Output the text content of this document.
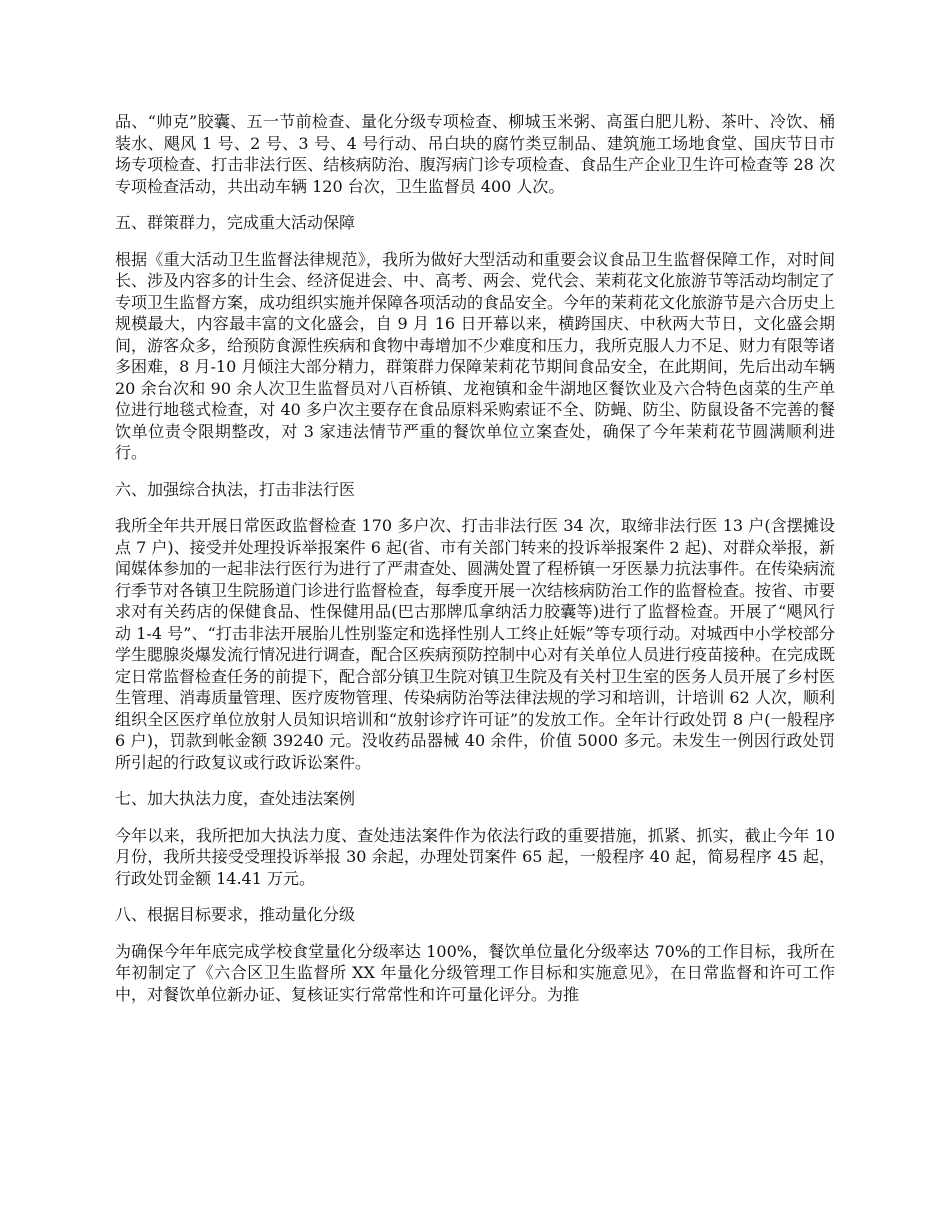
品、“帅克”胶囊、五一节前检查、量化分级专项检查、柳城玉米粥、高蛋白肥儿粉、茶叶、冷饮、桶装水、飓风 1 号、2 号、3 号、4 号行动、吊白块的腐竹类豆制品、建筑施工场地食堂、国庆节日市场专项检查、打击非法行医、结核病防治、腹泻病门诊专项检查、食品生产企业卫生许可检查等 28 次专项检查活动，共出动车辆 120 台次，卫生监督员 400 人次。

五、群策群力，完成重大活动保障

根据《重大活动卫生监督法律规范》，我所为做好大型活动和重要会议食品卫生监督保障工作，对时间长、涉及内容多的计生会、经济促进会、中、高考、两会、党代会、茉莉花文化旅游节等活动均制定了专项卫生监督方案，成功组织实施并保障各项活动的食品安全。今年的茉莉花文化旅游节是六合历史上规模最大，内容最丰富的文化盛会，自 9 月 16 日开幕以来，横跨国庆、中秋两大节日，文化盛会期间，游客众多，给预防食源性疾病和食物中毒增加不少难度和压力，我所克服人力不足、财力有限等诸多困难，8 月-10 月倾注大部分精力，群策群力保障茉莉花节期间食品安全，在此期间，先后出动车辆 20 余台次和 90 余人次卫生监督员对八百桥镇、龙袍镇和金牛湖地区餐饮业及六合特色卤菜的生产单位进行地毯式检查，对 40 多户次主要存在食品原料采购索证不全、防蝇、防尘、防鼠设备不完善的餐饮单位责令限期整改，对 3 家违法情节严重的餐饮单位立案查处，确保了今年茉莉花节圆满顺利进行。

六、加强综合执法，打击非法行医

我所全年共开展日常医政监督检查 170 多户次、打击非法行医 34 次，取缔非法行医 13 户(含摆摊设点 7 户)、接受并处理投诉举报案件 6 起(省、市有关部门转来的投诉举报案件 2 起)、对群众举报，新闻媒体参加的一起非法行医行为进行了严肃查处、圆满处置了程桥镇一牙医暴力抗法事件。在传染病流行季节对各镇卫生院肠道门诊进行监督检查，每季度开展一次结核病防治工作的监督检查。按省、市要求对有关药店的保健食品、性保健用品(巴古那牌瓜拿纳活力胶囊等)进行了监督检查。开展了“飓风行动 1-4 号”、“打击非法开展胎儿性别鉴定和选择性别人工终止妊娠”等专项行动。对城西中小学校部分学生腮腺炎爆发流行情况进行调查，配合区疾病预防控制中心对有关单位人员进行疫苗接种。在完成既定日常监督检查任务的前提下，配合部分镇卫生院对镇卫生院及有关村卫生室的医务人员开展了乡村医生管理、消毒质量管理、医疗废物管理、传染病防治等法律法规的学习和培训，计培训 62 人次，顺利组织全区医疗单位放射人员知识培训和“放射诊疗许可证”的发放工作。全年计行政处罚 8 户(一般程序 6 户)，罚款到帐金额 39240 元。没收药品器械 40 余件，价值 5000 多元。未发生一例因行政处罚所引起的行政复议或行政诉讼案件。

七、加大执法力度，查处违法案例

今年以来，我所把加大执法力度、查处违法案件作为依法行政的重要措施，抓紧、抓实，截止今年 10 月份，我所共接受受理投诉举报 30 余起，办理处罚案件 65 起，一般程序 40 起，简易程序 45 起，行政处罚金额 14.41 万元。

八、根据目标要求，推动量化分级

为确保今年年底完成学校食堂量化分级率达 100%，餐饮单位量化分级率达 70%的工作目标，我所在年初制定了《六合区卫生监督所 XX 年量化分级管理工作目标和实施意见》，在日常监督和许可工作中，对餐饮单位新办证、复核证实行常常性和许可量化评分。为推
